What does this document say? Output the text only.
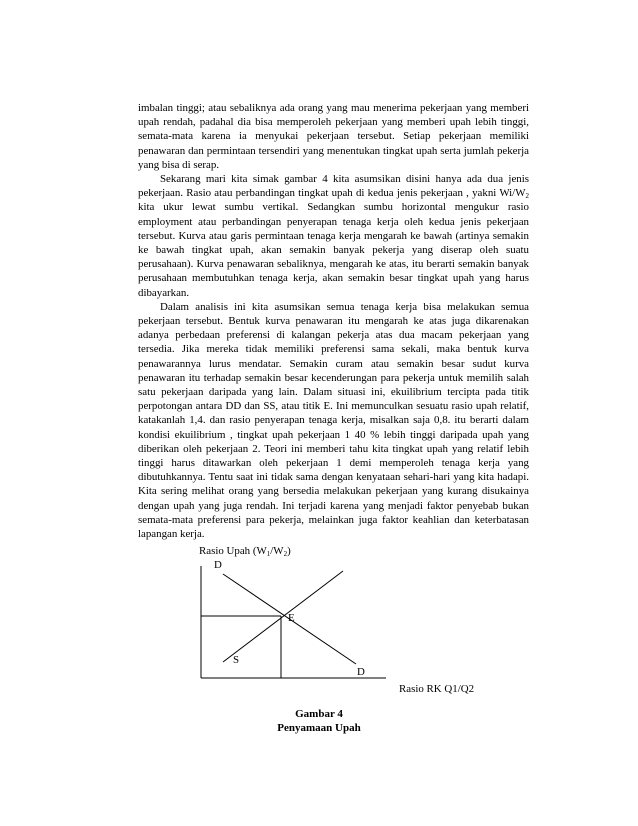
imbalan tinggi; atau sebaliknya ada orang yang mau menerima pekerjaan yang memberi upah rendah, padahal dia bisa memperoleh pekerjaan yang memberi upah lebih tinggi, semata-mata karena ia menyukai pekerjaan tersebut. Setiap pekerjaan memiliki penawaran dan permintaan tersendiri yang menentukan tingkat upah serta jumlah pekerja yang bisa di serap.

Sekarang mari kita simak gambar 4 kita asumsikan disini hanya ada dua jenis pekerjaan. Rasio atau perbandingan tingkat upah di kedua jenis pekerjaan , yakni $Wi/W_2$ kita ukur lewat sumbu vertikal. Sedangkan sumbu horizontal mengukur rasio employment atau perbandingan penyerapan tenaga kerja oleh kedua jenis pekerjaan tersebut. Kurva atau garis permintaan tenaga kerja mengarah ke bawah (artinya semakin ke bawah tingkat upah, akan semakin banyak pekerja yang diserap oleh suatu perusahaan). Kurva penawaran sebaliknya, mengarah ke atas, itu berarti semakin banyak perusahaan membutuhkan tenaga kerja, akan semakin besar tingkat upah yang harus dibayarkan.

Dalam analisis ini kita asumsikan semua tenaga kerja bisa melakukan semua pekerjaan tersebut. Bentuk kurva penawaran itu mengarah ke atas juga dikarenakan adanya perbedaan preferensi di kalangan pekerja atas dua macam pekerjaan yang tersedia. Jika mereka tidak memiliki preferensi sama sekali, maka bentuk kurva penawarannya lurus mendatar. Semakin curam atau semakin besar sudut kurva penawaran itu terhadap semakin besar kecenderungan para pekerja untuk memilih salah satu pekerjaan daripada yang lain. Dalam situasi ini, ekuilibrium tercipta pada titik perpotongan antara DD dan SS, atau titik E. Ini memunculkan sesuatu rasio upah relatif, katakanlah 1,4. dan rasio penyerapan tenaga kerja, misalkan saja 0,8. itu berarti dalam kondisi ekuilibrium , tingkat upah pekerjaan 1 40 % lebih tinggi daripada upah yang diberikan oleh pekerjaan 2. Teori ini memberi tahu kita tingkat upah yang relatif lebih tinggi harus ditawarkan oleh pekerjaan 1 demi memperoleh tenaga kerja yang dibutuhkannya. Tentu saat ini tidak sama dengan kenyataan sehari-hari yang kita hadapi. Kita sering melihat orang yang bersedia melakukan pekerjaan yang kurang disukainya dengan upah yang juga rendah. Ini terjadi karena yang menjadi faktor penyebab bukan semata-mata preferensi para pekerja, melainkan juga faktor keahlian dan keterbatasan lapangan kerja.

Rasio Upah $(W_1/W_2)$
D
E
S
D
Rasio RK Q1/Q2
Gambar 4
Penyamaan Upah
